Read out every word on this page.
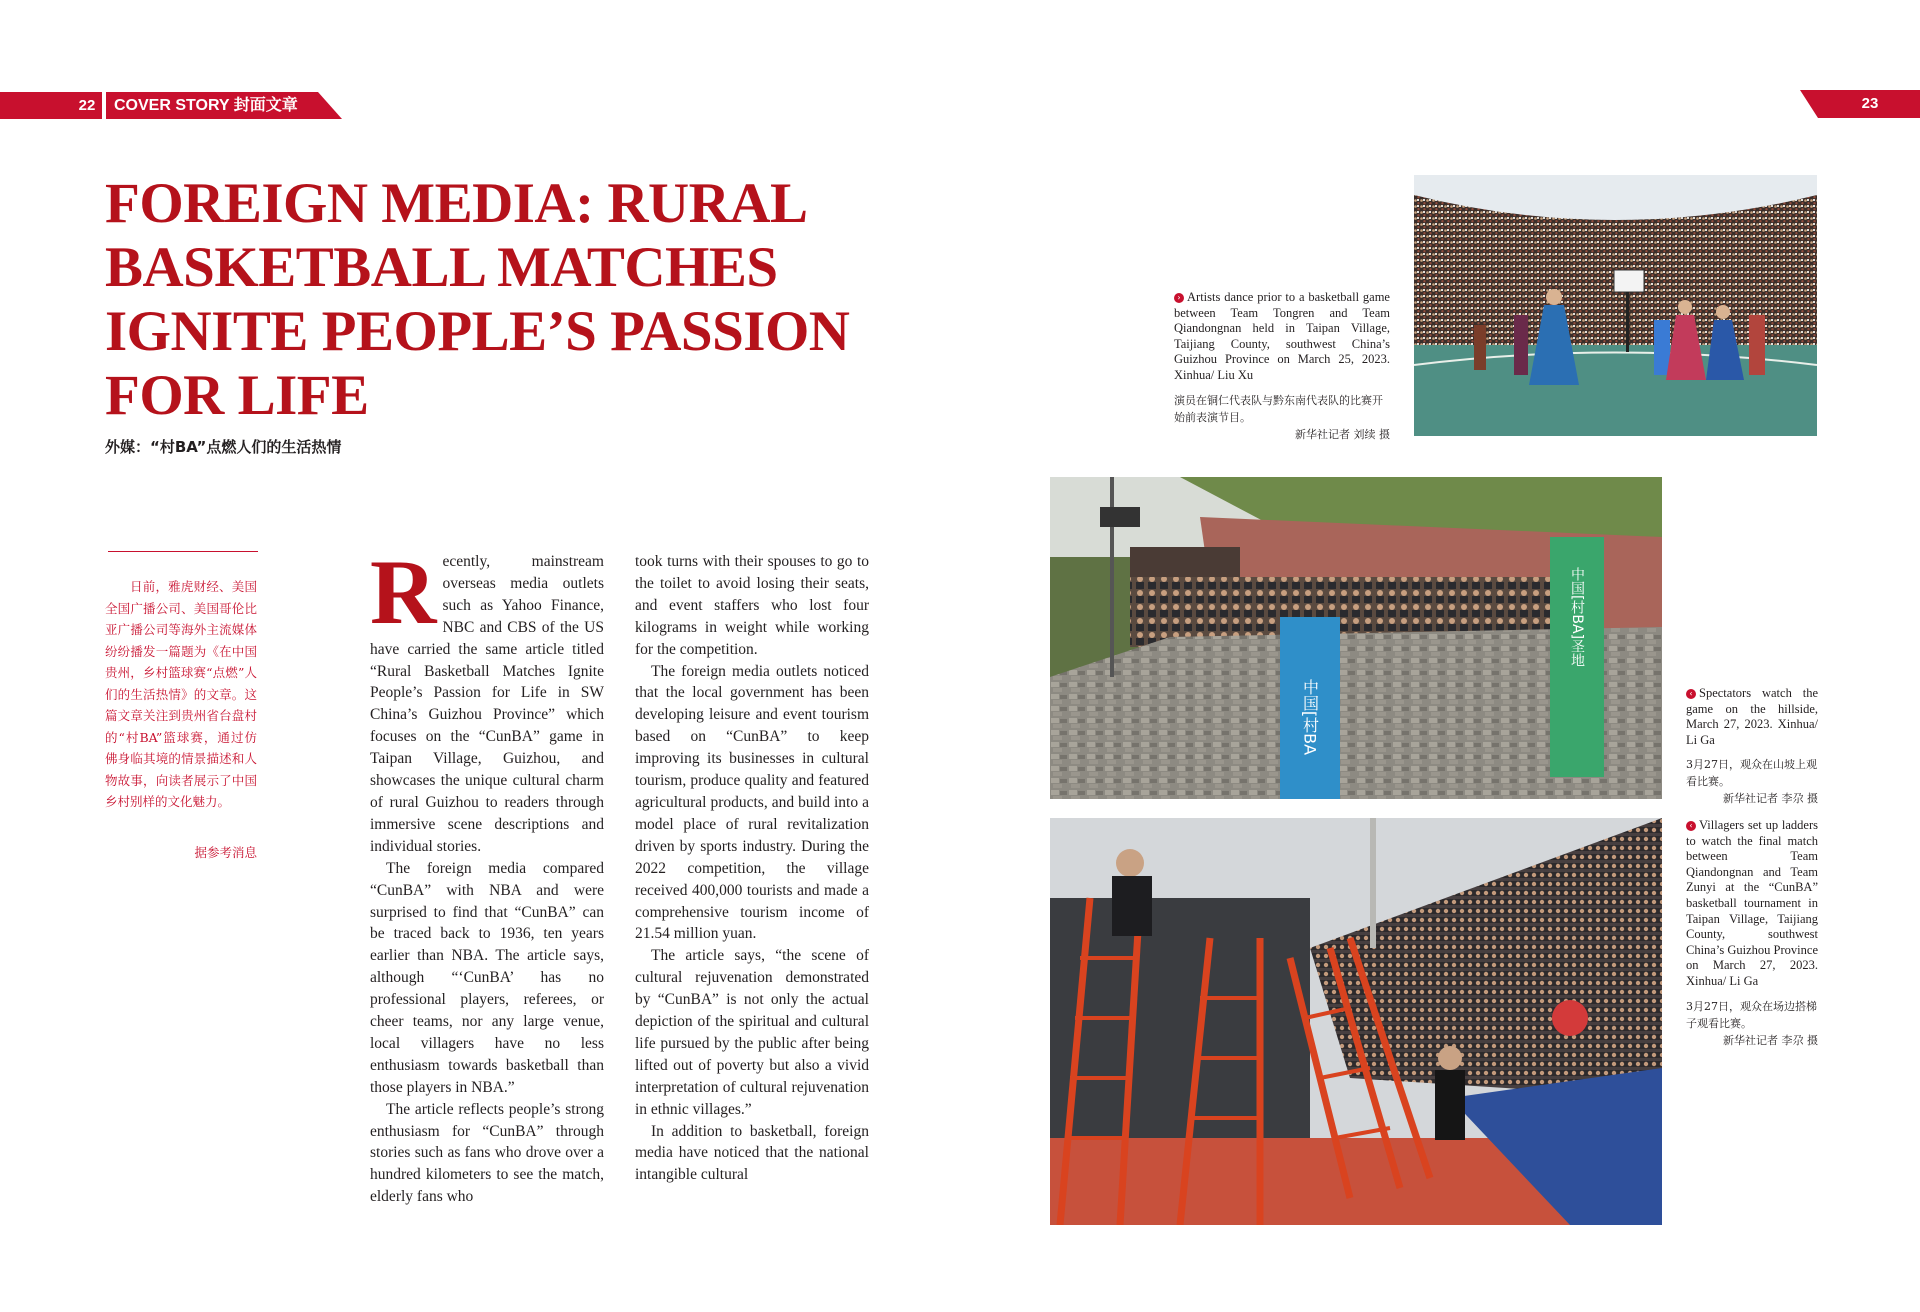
22	COVER STORY 封面文章	23
FOREIGN MEDIA: RURAL BASKETBALL MATCHES IGNITE PEOPLE’S PASSION FOR LIFE
外媒：“村BA”点燃人们的生活热情

日前，雅虎财经、美国全国广播公司、美国哥伦比亚广播公司等海外主流媒体纷纷播发一篇题为《在中国贵州，乡村篮球赛“点燃”人们的生活热情》的文章。这篇文章关注到贵州省台盘村的“村BA”篮球赛，通过仿佛身临其境的情景描述和人物故事，向读者展示了中国乡村别样的文化魅力。

据参考消息

Recently, mainstream overseas media outlets such as Yahoo Finance, NBC and CBS of the US have carried the same article titled “Rural Basketball Matches Ignite People’s Passion for Life in SW China’s Guizhou Province” which focuses on the “CunBA” game in Taipan Village, Guizhou, and showcases the unique cultural charm of rural Guizhou to readers through immersive scene descriptions and individual stories.

The foreign media compared “CunBA” with NBA and were surprised to find that “CunBA” can be traced back to 1936, ten years earlier than NBA. The article says, although “‘CunBA’ has no professional players, referees, or cheer teams, nor any large venue, local villagers have no less enthusiasm towards basketball than those players in NBA.”

The article reflects people’s strong enthusiasm for “CunBA” through stories such as fans who drove over a hundred kilometers to see the match, elderly fans who

took turns with their spouses to go to the toilet to avoid losing their seats, and event staffers who lost four kilograms in weight while working for the competition.

The foreign media outlets noticed that the local government has been developing leisure and event tourism based on “CunBA” to keep improving its businesses in cultural tourism, produce quality and featured agricultural products, and build into a model place of rural revitalization driven by sports industry. During the 2022 competition, the village received 400,000 tourists and made a comprehensive tourism income of 21.54 million yuan.

The article says, “the scene of cultural rejuvenation demonstrated by “CunBA” is not only the actual depiction of the spiritual and cultural life pursued by the public after being lifted out of poverty but also a vivid interpretation of cultural rejuvenation in ethnic villages.”

In addition to basketball, foreign media have noticed that the national intangible cultural

中国[村BA
中国[村BA]圣地
› Artists dance prior to a basketball game between Team Tongren and Team Qiandongnan held in Taipan Village, Taijiang County, southwest China’s Guizhou Province on March 25, 2023. Xinhua/ Liu Xu
演员在铜仁代表队与黔东南代表队的比赛开始前表演节目。
新华社记者 刘续 摄
‹ Spectators watch the game on the hillside, March 27, 2023. Xinhua/ Li Ga
3月27日，观众在山坡上观看比赛。
新华社记者 李尕 摄
‹ Villagers set up ladders to watch the final match between Team Qiandongnan and Team Zunyi at the “CunBA” basketball tournament in Taipan Village, Taijiang County, southwest China’s Guizhou Province on March 27, 2023. Xinhua/ Li Ga
3月27日，观众在场边搭梯子观看比赛。
新华社记者 李尕 摄
